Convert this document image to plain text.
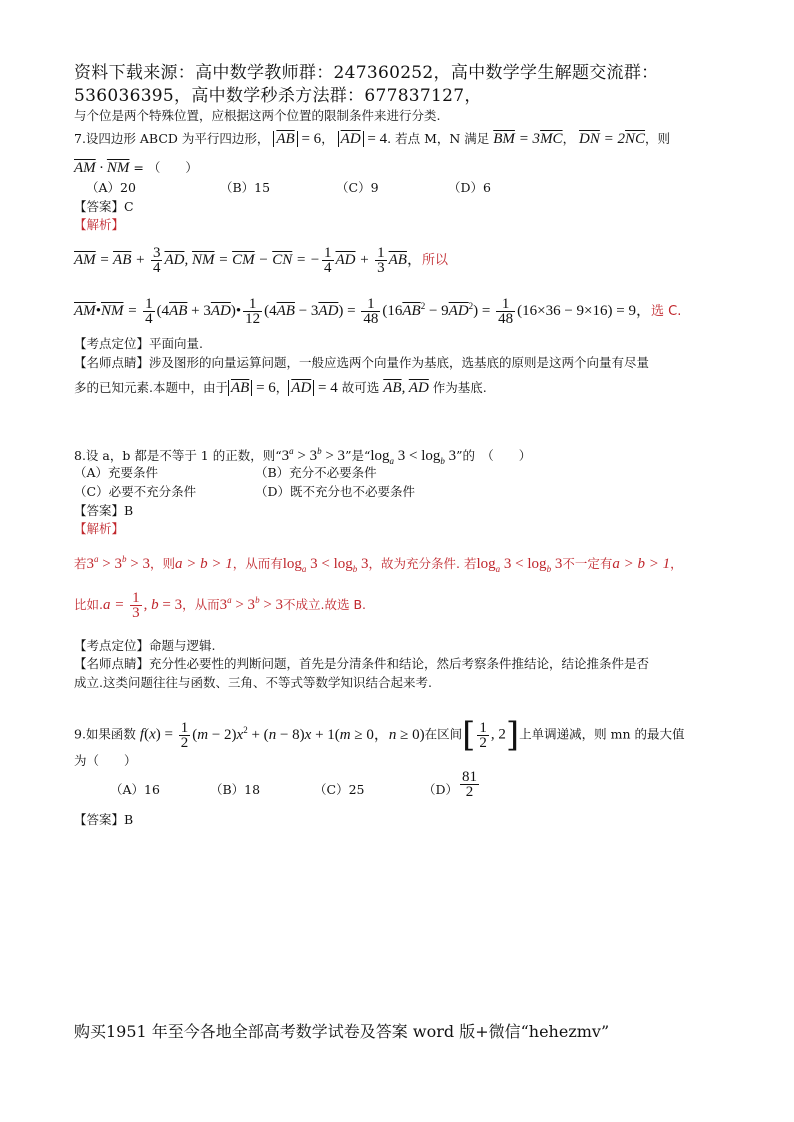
资料下载来源：高中数学教师群：247360252，高中数学学生解题交流群：
536036395，高中数学秒杀方法群：677837127，
与个位是两个特殊位置，应根据这两个位置的限制条件来进行分类.
7.设四边形 ABCD 为平行四边形， $\overline{AB} = 6$， $\overline{AD} = 4$. 若点 M，N 满足 $\overline{BM} = 3\overline{MC}$， $\overline{DN} = 2\overline{NC}$，则
$\overline{AM} \cdot \overline{NM}$ = （　　）
（A）20	（B）15	（C）9	（D）6
【答案】C
【解析】
$\overline{AM} = \overline{AB} + \frac{3}{4} \overline{AD}$, $\overline{NM} = \overline{CM} - \overline{CN}$ = − $\frac{1}{4} \overline{AD} + \frac{1}{3} \overline{AB}$，所以
$\overline{AM}•\overline{NM} = \frac{1}{4} (4\overline{AB}$ + $3\overline{AD})• \frac{1}{12} (4\overline{AB} - 3\overline{AD}) = \frac{1}{48} (16\overline{AB}^2 - 9\overline{AD}^2) = \frac{1}{48} (16\times 36 - 9\times 16) = 9$，选 C.
【考点定位】平面向量.
【名师点睛】涉及图形的向量运算问题，一般应选两个向量作为基底，选基底的原则是这两个向量有尽量
多的已知元素.本题中，由于 $\overline{AB} = 6$， $\overline{AD} = 4$ 故可选 $\overline{AB}$, $\overline{AD}$ 作为基底.
8.设 a，b 都是不等于 1 的正数，则“$3^a > 3^b > 3$”是“$\log_a$ $3 < \log_b 3$”的　（　　）
（A）充要条件	（B）充分不必要条件
（C）必要不充分条件	（D）既不充分也不必要条件
【答案】B
【解析】
若$3^a > 3^b > 3$，则a > b > 1，从而有$\log_a 3 < \log_b 3$，故为充分条件. 若$\log_a 3 < \log_b 3$不一定有a > b > 1，
比如$.a = \frac{1}{3}$ , b = 3，从而$3^a > 3^b > 3$不成立.故选 B.
【考点定位】命题与逻辑.
【名师点睛】充分性必要性的判断问题，首先是分清条件和结论，然后考察条件推结论，结论推条件是否
成立.这类问题往往与函数、三角、不等式等数学知识结合起来考.
9.如果函数 $f(x) = \frac{1}{2} (m - 2)x^2 + (n - 8)x + 1(m \ge 0$，n ≥ 0)在区间[ $\frac{1}{2}$ , 2]上单调递减，则 mn 的最大值
为（　　）
（A）16	（B）18	（C）25	$(D) \frac{81}{2}$
【答案】B
购买1951 年至今各地全部高考数学试卷及答案 word 版+微信“hehezmv”
